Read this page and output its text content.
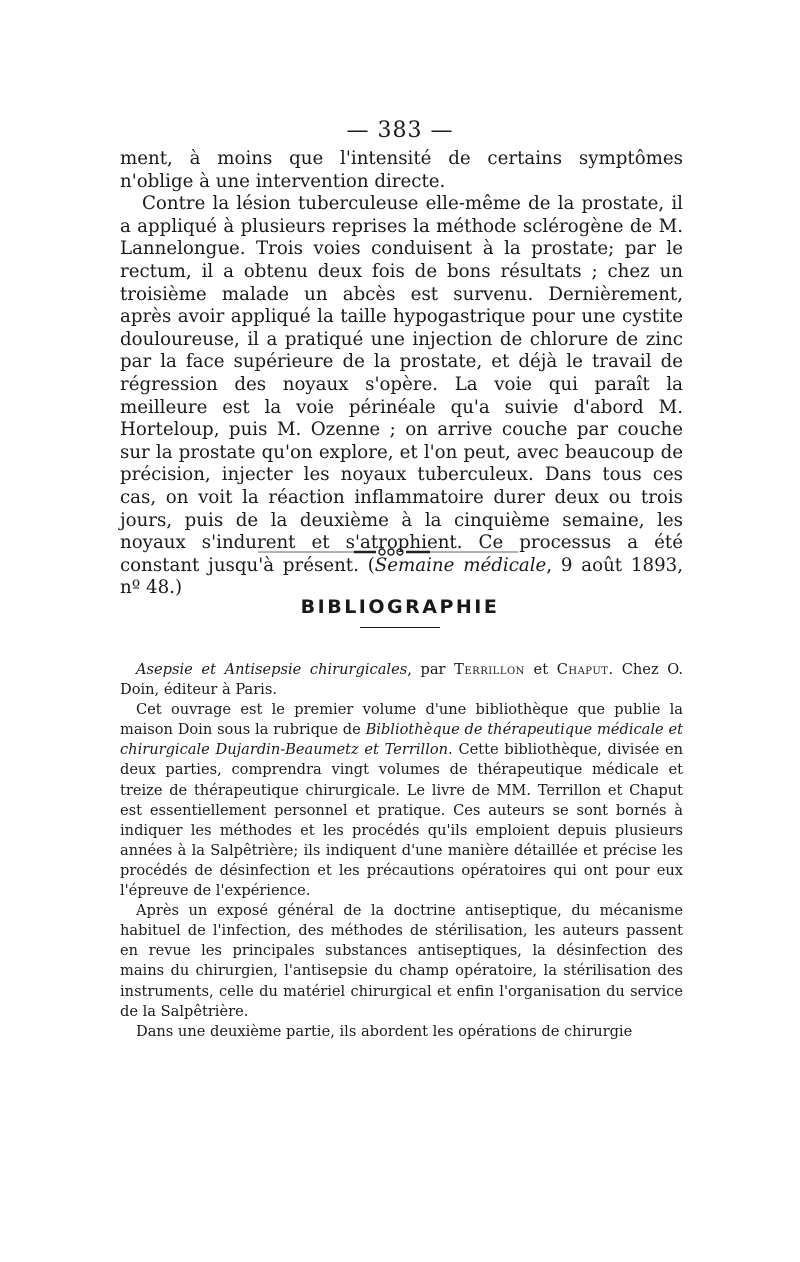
— 383 —

ment, à moins que l'intensité de certains symptômes n'oblige à une intervention directe.

Contre la lésion tuberculeuse elle-même de la prostate, il a appliqué à plusieurs reprises la méthode sclérogène de M. Lannelongue. Trois voies conduisent à la prostate; par le rectum, il a obtenu deux fois de bons résultats ; chez un troisième malade un abcès est survenu. Dernièrement, après avoir appliqué la taille hypogastrique pour une cystite douloureuse, il a pratiqué une injection de chlorure de zinc par la face supérieure de la prostate, et déjà le travail de régression des noyaux s'opère. La voie qui paraît la meilleure est la voie périnéale qu'a suivie d'abord M. Horteloup, puis M. Ozenne ; on arrive couche par couche sur la prostate qu'on explore, et l'on peut, avec beaucoup de précision, injecter les noyaux tuberculeux. Dans tous ces cas, on voit la réaction inflammatoire durer deux ou trois jours, puis de la deuxième à la cinquième semaine, les noyaux s'indurent et s'atrophient. Ce processus a été constant jusqu'à présent. (Semaine médicale, 9 août 1893, nº 48.)

BIBLIOGRAPHIE

Asepsie et Antisepsie chirurgicales, par Terrillon et Chaput. Chez O. Doin, éditeur à Paris.

Cet ouvrage est le premier volume d'une bibliothèque que publie la maison Doin sous la rubrique de Bibliothèque de thérapeutique médicale et chirurgicale Dujardin-Beaumetz et Terrillon. Cette bibliothèque, divisée en deux parties, comprendra vingt volumes de thérapeutique médicale et treize de thérapeutique chirurgicale. Le livre de MM. Terrillon et Chaput est essentiellement personnel et pratique. Ces auteurs se sont bornés à indiquer les méthodes et les procédés qu'ils emploient depuis plusieurs années à la Salpêtrière; ils indiquent d'une manière détaillée et précise les procédés de désinfection et les précautions opératoires qui ont pour eux l'épreuve de l'expérience.

Après un exposé général de la doctrine antiseptique, du mécanisme habituel de l'infection, des méthodes de stérilisation, les auteurs passent en revue les principales substances antiseptiques, la désinfection des mains du chirurgien, l'antisepsie du champ opératoire, la stérilisation des instruments, celle du matériel chirurgical et enfin l'organisation du service de la Salpêtrière.

Dans une deuxième partie, ils abordent les opérations de chirurgie
